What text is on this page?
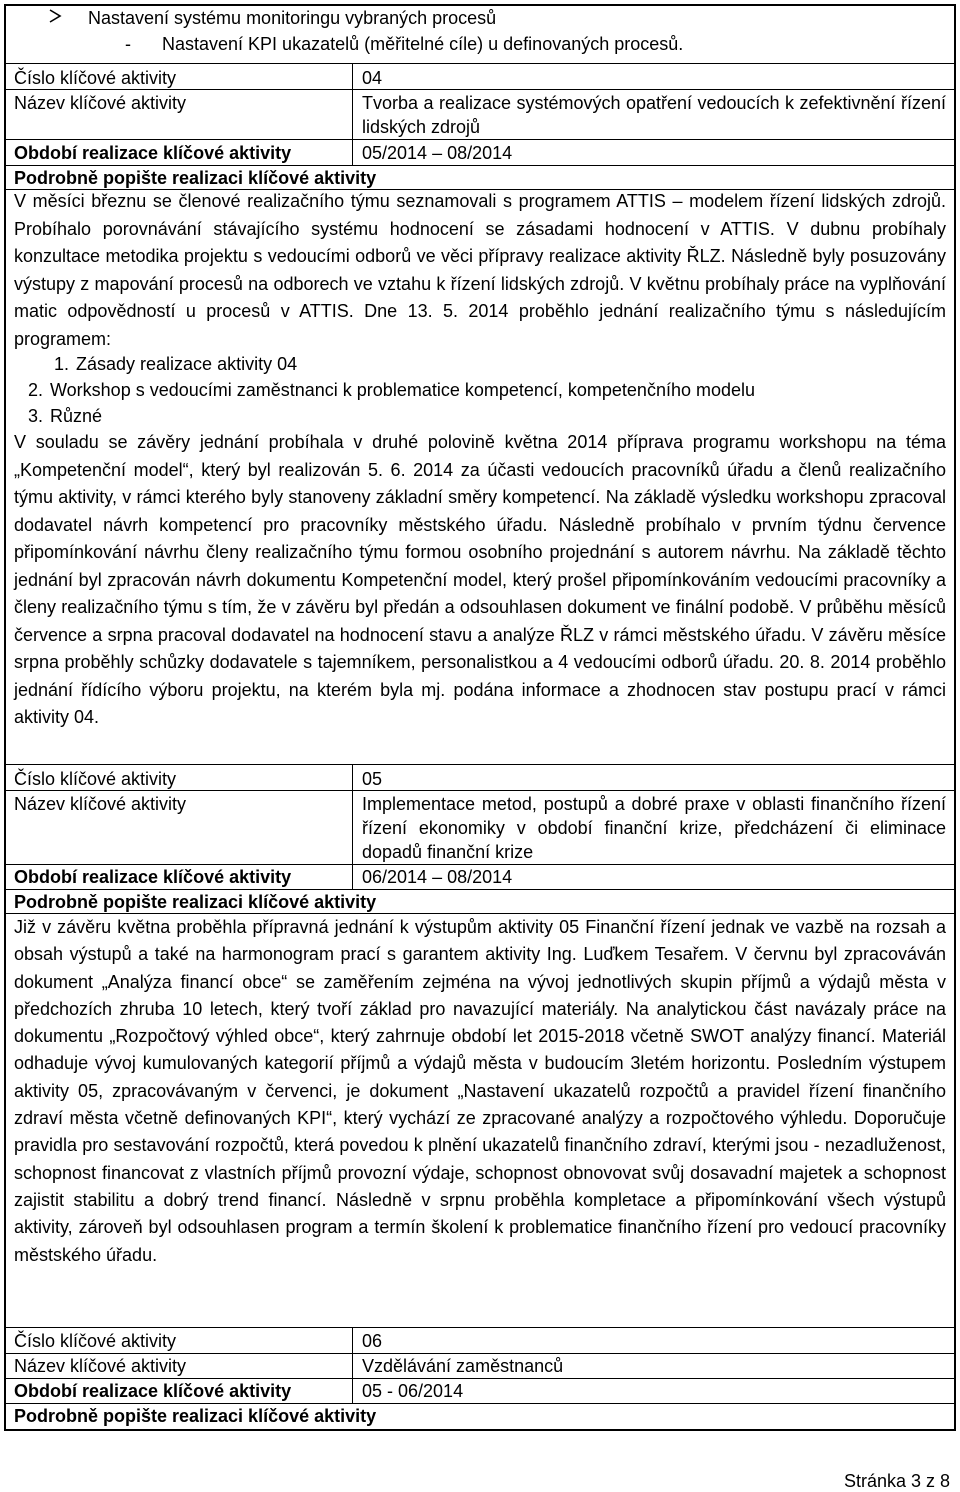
Nastavení systému monitoringu vybraných procesů
- Nastavení KPI ukazatelů (měřitelné cíle) u definovaných procesů.
Číslo klíčové aktivity	04
Název klíčové aktivity	Tvorba a realizace systémových opatření vedoucích k zefektivnění řízení lidských zdrojů
Období realizace klíčové aktivity	05/2014 – 08/2014
Podrobně popište realizaci klíčové aktivity

V měsíci březnu se členové realizačního týmu seznamovali s programem ATTIS – modelem řízení lidských zdrojů. Probíhalo porovnávání stávajícího systému hodnocení se zásadami hodnocení v ATTIS. V dubnu probíhaly konzultace metodika projektu s vedoucími odborů ve věci přípravy realizace aktivity ŘLZ. Následně byly posuzovány výstupy z mapování procesů na odborech ve vztahu k řízení lidských zdrojů. V květnu probíhaly práce na vyplňování matic odpovědností u procesů v ATTIS. Dne 13. 5. 2014 proběhlo jednání realizačního týmu s následujícím programem:

1. Zásady realizace aktivity 04
2. Workshop s vedoucími zaměstnanci k problematice kompetencí, kompetenčního modelu
3. Různé

V souladu se závěry jednání probíhala v druhé polovině května 2014 příprava programu workshopu na téma „Kompetenční model“, který byl realizován 5. 6. 2014 za účasti vedoucích pracovníků úřadu a členů realizačního týmu aktivity, v rámci kterého byly stanoveny základní směry kompetencí. Na základě výsledku workshopu zpracoval dodavatel návrh kompetencí pro pracovníky městského úřadu. Následně probíhalo v prvním týdnu července připomínkování návrhu členy realizačního týmu formou osobního projednání s autorem návrhu. Na základě těchto jednání byl zpracován návrh dokumentu Kompetenční model, který prošel připomínkováním vedoucími pracovníky a členy realizačního týmu s tím, že v závěru byl předán a odsouhlasen dokument ve finální podobě. V průběhu měsíců července a srpna pracoval dodavatel na hodnocení stavu a analýze ŘLZ v rámci městského úřadu. V závěru měsíce srpna proběhly schůzky dodavatele s tajemníkem, personalistkou a 4 vedoucími odborů úřadu. 20. 8. 2014 proběhlo jednání řídícího výboru projektu, na kterém byla mj. podána informace a zhodnocen stav postupu prací v rámci aktivity 04.

Číslo klíčové aktivity	05
Název klíčové aktivity	Implementace metod, postupů a dobré praxe v oblasti finančního řízení řízení ekonomiky v období finanční krize, předcházení či eliminace dopadů finanční krize
Období realizace klíčové aktivity	06/2014 – 08/2014
Podrobně popište realizaci klíčové aktivity

Již v závěru května proběhla přípravná jednání k výstupům aktivity 05 Finanční řízení jednak ve vazbě na rozsah a obsah výstupů a také na harmonogram prací s garantem aktivity Ing. Luďkem Tesařem. V červnu byl zpracováván dokument „Analýza financí obce“ se zaměřením zejména na vývoj jednotlivých skupin příjmů a výdajů města v předchozích zhruba 10 letech, který tvoří základ pro navazující materiály. Na analytickou část navázaly práce na dokumentu „Rozpočtový výhled obce“, který zahrnuje období let 2015-2018 včetně SWOT analýzy financí. Materiál odhaduje vývoj kumulovaných kategorií příjmů a výdajů města v budoucím 3letém horizontu. Posledním výstupem aktivity 05, zpracovávaným v červenci, je dokument „Nastavení ukazatelů rozpočtů a pravidel řízení finančního zdraví města včetně definovaných KPI“, který vychází ze zpracované analýzy a rozpočtového výhledu. Doporučuje pravidla pro sestavování rozpočtů, která povedou k plnění ukazatelů finančního zdraví, kterými jsou - nezadluženost, schopnost financovat z vlastních příjmů provozní výdaje, schopnost obnovovat svůj dosavadní majetek a schopnost zajistit stabilitu a dobrý trend financí. Následně v srpnu proběhla kompletace a připomínkování všech výstupů aktivity, zároveň byl odsouhlasen program a termín školení k problematice finančního řízení pro vedoucí pracovníky městského úřadu.

Číslo klíčové aktivity	06
Název klíčové aktivity	Vzdělávání zaměstnanců
Období realizace klíčové aktivity	05 - 06/2014
Podrobně popište realizaci klíčové aktivity
Stránka 3 z 8
